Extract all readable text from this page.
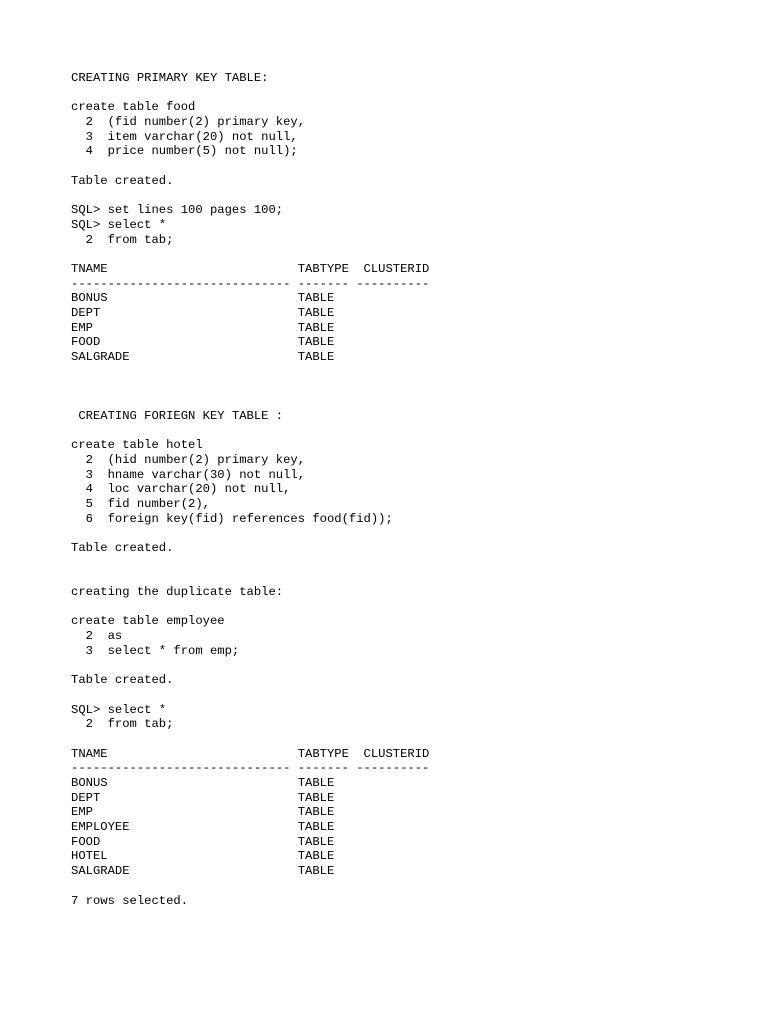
CREATING PRIMARY KEY TABLE:
create table food
2  (fid number(2) primary key,
3  item varchar(20) not null,
4  price number(5) not null);
Table created.
SQL> set lines 100 pages 100;
SQL> select *
2  from tab;
TNAME                          TABTYPE  CLUSTERID
------------------------------ ------- ----------
BONUS                          TABLE
DEPT                           TABLE
EMP                            TABLE
FOOD                           TABLE
SALGRADE                       TABLE
CREATING FORIEGN KEY TABLE :
create table hotel
2  (hid number(2) primary key,
3  hname varchar(30) not null,
4  loc varchar(20) not null,
5  fid number(2),
6  foreign key(fid) references food(fid));
Table created.
creating the duplicate table:
create table employee
2  as
3  select * from emp;
Table created.
SQL> select *
2  from tab;
TNAME                          TABTYPE  CLUSTERID
------------------------------ ------- ----------
BONUS                          TABLE
DEPT                           TABLE
EMP                            TABLE
EMPLOYEE                       TABLE
FOOD                           TABLE
HOTEL                          TABLE
SALGRADE                       TABLE
7 rows selected.
